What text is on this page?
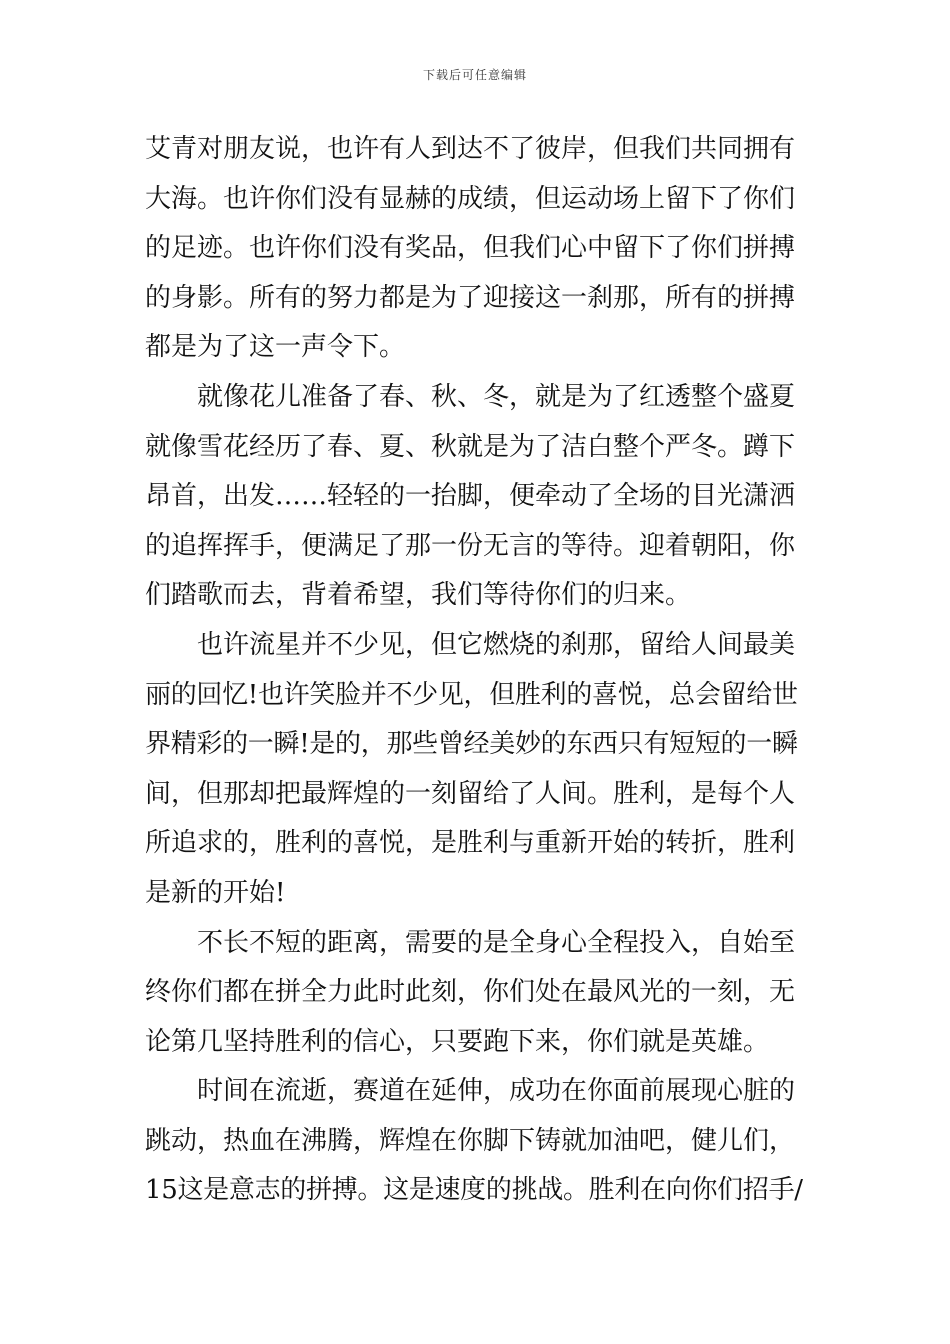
下载后可任意编辑
艾青对朋友说，也许有人到达不了彼岸，但我们共同拥有
大海。也许你们没有显赫的成绩，但运动场上留下了你们
的足迹。也许你们没有奖品，但我们心中留下了你们拼搏
的身影。所有的努力都是为了迎接这一刹那，所有的拼搏
都是为了这一声令下。
就像花儿准备了春、秋、冬，就是为了红透整个盛夏
就像雪花经历了春、夏、秋就是为了洁白整个严冬。蹲下
昂首，出发……轻轻的一抬脚，便牵动了全场的目光潇洒
的追挥挥手，便满足了那一份无言的等待。迎着朝阳，你
们踏歌而去，背着希望，我们等待你们的归来。
也许流星并不少见，但它燃烧的刹那，留给人间最美
丽的回忆!也许笑脸并不少见，但胜利的喜悦，总会留给世
界精彩的一瞬!是的，那些曾经美妙的东西只有短短的一瞬
间，但那却把最辉煌的一刻留给了人间。胜利，是每个人
所追求的，胜利的喜悦，是胜利与重新开始的转折，胜利
是新的开始!
不长不短的距离，需要的是全身心全程投入，自始至
终你们都在拼全力此时此刻，你们处在最风光的一刻，无
论第几坚持胜利的信心，只要跑下来，你们就是英雄。
时间在流逝，赛道在延伸，成功在你面前展现心脏的
跳动，热血在沸腾，辉煌在你脚下铸就加油吧，健儿们，
15这是意志的拼搏。这是速度的挑战。胜利在向你们招手/
